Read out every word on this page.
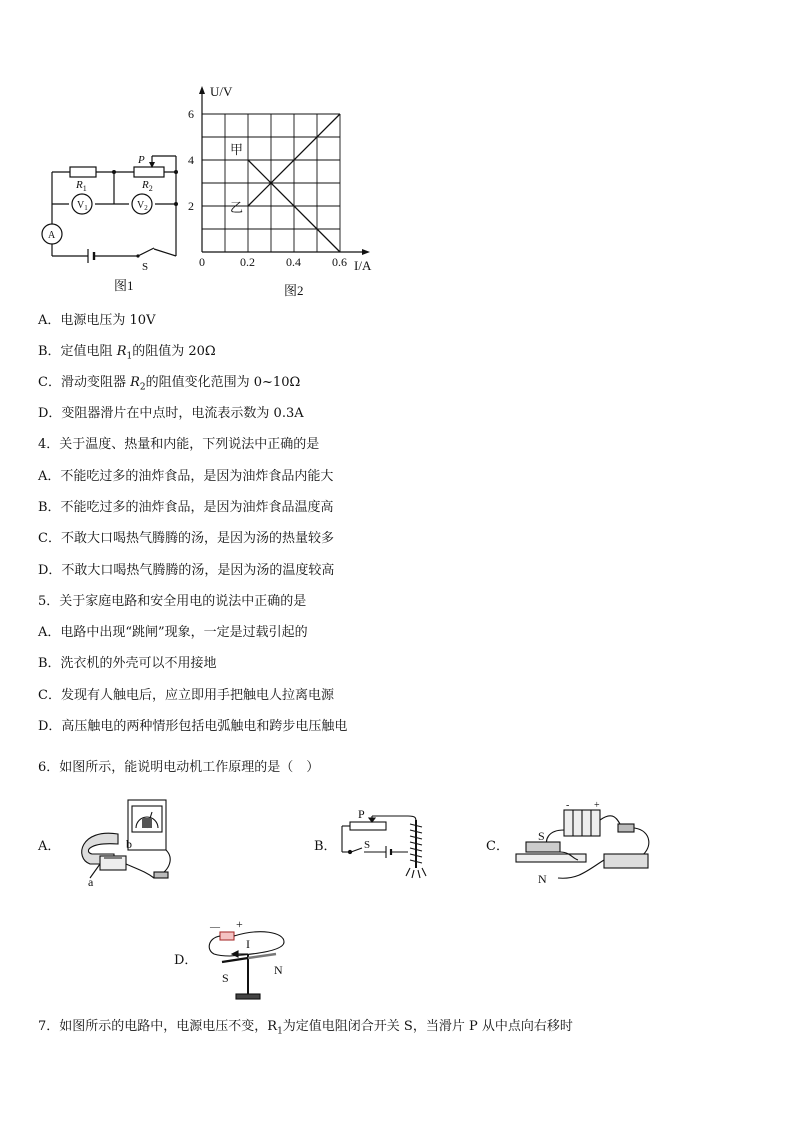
$R_1$	$R_2$
P
$V_1$	$V_2$
A
S
图1
0.2	0.4	0.6
2
4
6
U/V
I/A
0
甲
乙
图2
A．电源电压为 10V
B．定值电阻 $R_1$的阻值为 20Ω
C．滑动变阻器 $R_2$的阻值变化范围为 0~10Ω
D．变阻器滑片在中点时，电流表示数为 0.3A
4．关于温度、热量和内能，下列说法中正确的是
A．不能吃过多的油炸食品，是因为油炸食品内能大
B．不能吃过多的油炸食品，是因为油炸食品温度高
C．不敢大口喝热气腾腾的汤，是因为汤的热量较多
D．不敢大口喝热气腾腾的汤，是因为汤的温度较高
5．关于家庭电路和安全用电的说法中正确的是
A．电路中出现“跳闸”现象，一定是过载引起的
B．洗衣机的外壳可以不用接地
C．发现有人触电后，应立即用手把触电人拉离电源
D．高压触电的两种情形包括电弧触电和跨步电压触电
6．如图所示，能说明电动机工作原理的是（　）
A．	B．	C．
D．
a
b
P
S
- +
S
N
— +
I
S
N
7．如图所示的电路中，电源电压不变，$R_1$为定值电阻闭合开关 S，当滑片 P 从中点向右移时
